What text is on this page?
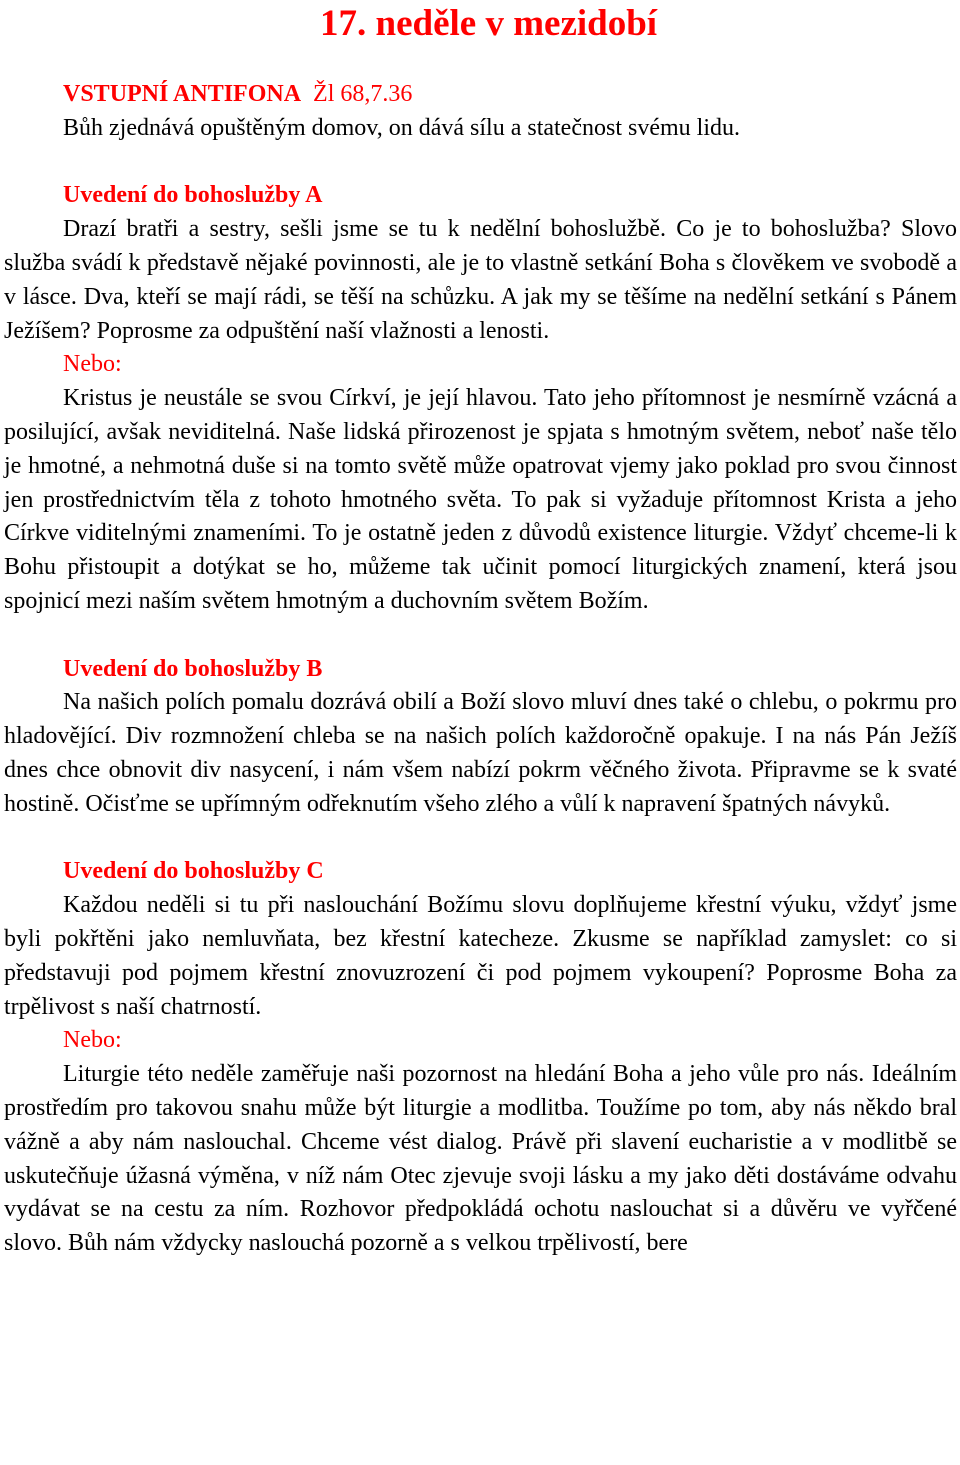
17. neděle v mezidobí

VSTUPNÍ ANTIFONA Žl 68,7.36

Bůh zjednává opuštěným domov, on dává sílu a statečnost svému lidu.

Uvedení do bohoslužby A

Drazí bratři a sestry, sešli jsme se tu k nedělní bohoslužbě. Co je to bohoslužba? Slovo služba svádí k představě nějaké povinnosti, ale je to vlastně setkání Boha s člověkem ve svobodě a v lásce. Dva, kteří se mají rádi, se těší na schůzku. A jak my se těšíme na nedělní setkání s Pánem Ježíšem? Poprosme za odpuštění naší vlažnosti a lenosti.

Nebo:

Kristus je neustále se svou Církví, je její hlavou. Tato jeho přítomnost je nesmírně vzácná a posilující, avšak neviditelná. Naše lidská přirozenost je spjata s hmotným světem, neboť naše tělo je hmotné, a nehmotná duše si na tomto světě může opatrovat vjemy jako poklad pro svou činnost jen prostřednictvím těla z tohoto hmotného světa. To pak si vyžaduje přítomnost Krista a jeho Církve viditelnými znameními. To je ostatně jeden z důvodů existence liturgie. Vždyť chceme-li k Bohu přistoupit a dotýkat se ho, můžeme tak učinit pomocí liturgických znamení, která jsou spojnicí mezi naším světem hmotným a duchovním světem Božím.

Uvedení do bohoslužby B

Na našich polích pomalu dozrává obilí a Boží slovo mluví dnes také o chlebu, o pokrmu pro hladovějící. Div rozmnožení chleba se na našich polích každoročně opakuje. I na nás Pán Ježíš dnes chce obnovit div nasycení, i nám všem nabízí pokrm věčného života. Připravme se k svaté hostině. Očisťme se upřímným odřeknutím všeho zlého a vůlí k napravení špatných návyků.

Uvedení do bohoslužby C

Každou neděli si tu při naslouchání Božímu slovu doplňujeme křestní výuku, vždyť jsme byli pokřtěni jako nemluvňata, bez křestní katecheze. Zkusme se například zamyslet: co si představuji pod pojmem křestní znovuzrození či pod pojmem vykoupení? Poprosme Boha za trpělivost s naší chatrností.

Nebo:

Liturgie této neděle zaměřuje naši pozornost na hledání Boha a jeho vůle pro nás. Ideálním prostředím pro takovou snahu může být liturgie a modlitba. Toužíme po tom, aby nás někdo bral vážně a aby nám naslouchal. Chceme vést dialog. Právě při slavení eucharistie a v modlitbě se uskutečňuje úžasná výměna, v níž nám Otec zjevuje svoji lásku a my jako děti dostáváme odvahu vydávat se na cestu za ním. Rozhovor předpokládá ochotu naslouchat si a důvěru ve vyřčené slovo. Bůh nám vždycky naslouchá pozorně a s velkou trpělivostí, bere
